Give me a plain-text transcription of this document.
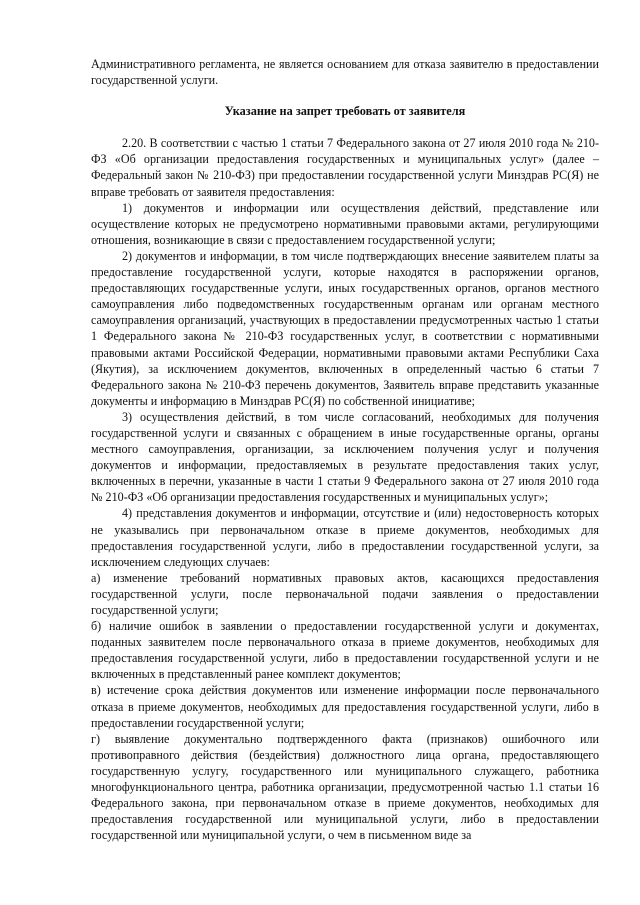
Административного регламента, не является основанием для отказа заявителю в предоставлении государственной услуги.

Указание на запрет требовать от заявителя

2.20. В соответствии с частью 1 статьи 7 Федерального закона от 27 июля 2010 года № 210-ФЗ «Об организации предоставления государственных и муниципальных услуг» (далее –Федеральный закон № 210-ФЗ) при предоставлении государственной услуги Минздрав РС(Я) не вправе требовать от заявителя предоставления:

1) документов и информации или осуществления действий, представление или осуществление которых не предусмотрено нормативными правовыми актами, регулирующими отношения, возникающие в связи с предоставлением государственной услуги;

2) документов и информации, в том числе подтверждающих внесение заявителем платы за предоставление государственной услуги, которые находятся в распоряжении органов, предоставляющих государственные услуги, иных государственных органов, органов местного самоуправления либо подведомственных государственным органам или органам местного самоуправления организаций, участвующих в предоставлении предусмотренных частью 1 статьи 1 Федерального закона № 210-ФЗ государственных услуг, в соответствии с нормативными правовыми актами Российской Федерации, нормативными правовыми актами Республики Саха (Якутия), за исключением документов, включенных в определенный частью 6 статьи 7 Федерального закона № 210-ФЗ перечень документов, Заявитель вправе представить указанные документы и информацию в Минздрав РС(Я) по собственной инициативе;

3) осуществления действий, в том числе согласований, необходимых для получения государственной услуги и связанных с обращением в иные государственные органы, органы местного самоуправления, организации, за исключением получения услуг и получения документов и информации, предоставляемых в результате предоставления таких услуг, включенных в перечни, указанные в части 1 статьи 9 Федерального закона от 27 июля 2010 года № 210-ФЗ «Об организации предоставления государственных и муниципальных услуг»;

4) представления документов и информации, отсутствие и (или) недостоверность которых не указывались при первоначальном отказе в приеме документов, необходимых для предоставления государственной услуги, либо в предоставлении государственной услуги, за исключением следующих случаев:

а) изменение требований нормативных правовых актов, касающихся предоставления государственной услуги, после первоначальной подачи заявления о предоставлении государственной услуги;

б) наличие ошибок в заявлении о предоставлении государственной услуги и документах, поданных заявителем после первоначального отказа в приеме документов, необходимых для предоставления государственной услуги, либо в предоставлении государственной услуги и не включенных в представленный ранее комплект документов;

в) истечение срока действия документов или изменение информации после первоначального отказа в приеме документов, необходимых для предоставления государственной услуги, либо в предоставлении государственной услуги;

г) выявление документально подтвержденного факта (признаков) ошибочного или противоправного действия (бездействия) должностного лица органа, предоставляющего государственную услугу, государственного или муниципального служащего, работника многофункционального центра, работника организации, предусмотренной частью 1.1 статьи 16 Федерального закона, при первоначальном отказе в приеме документов, необходимых для предоставления государственной или муниципальной услуги, либо в предоставлении государственной или муниципальной услуги, о чем в письменном виде за
